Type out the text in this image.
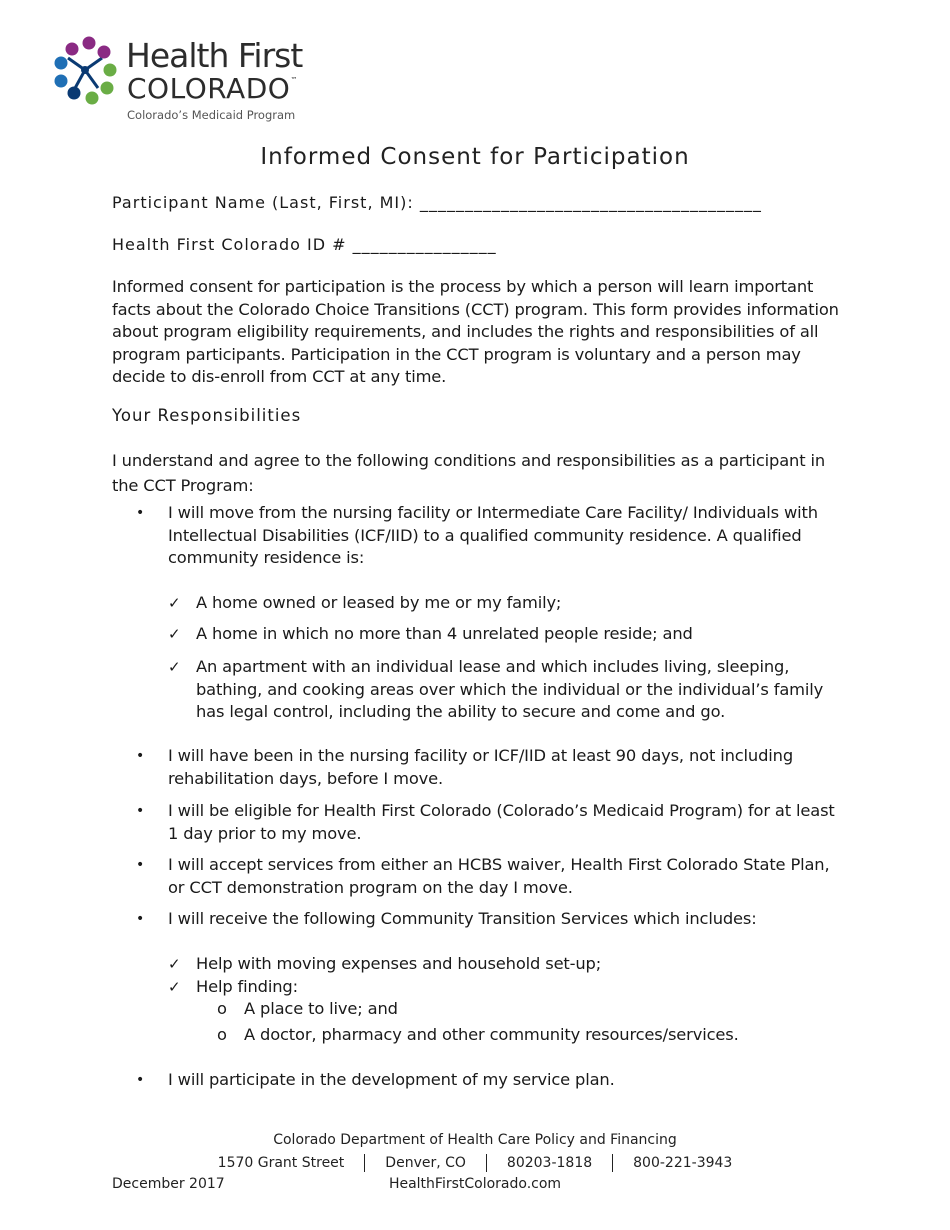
Health First
COLORADO™
Colorado’s Medicaid Program
Informed Consent for Participation
Participant Name (Last, First, MI): ______________________________________
Health First Colorado ID # ________________
Informed consent for participation is the process by which a person will learn important facts about the Colorado Choice Transitions (CCT) program. This form provides information about program eligibility requirements, and includes the rights and responsibilities of all program participants. Participation in the CCT program is voluntary and a person may decide to dis-enroll from CCT at any time.
Your Responsibilities
I understand and agree to the following conditions and responsibilities as a participant in the CCT Program:
• I will move from the nursing facility or Intermediate Care Facility/ Individuals with Intellectual Disabilities (ICF/IID) to a qualified community residence. A qualified community residence is:
✓ A home owned or leased by me or my family;
✓ A home in which no more than 4 unrelated people reside; and
✓ An apartment with an individual lease and which includes living, sleeping, bathing, and cooking areas over which the individual or the individual’s family has legal control, including the ability to secure and come and go.
• I will have been in the nursing facility or ICF/IID at least 90 days, not including rehabilitation days, before I move.
• I will be eligible for Health First Colorado (Colorado’s Medicaid Program) for at least 1 day prior to my move.
• I will accept services from either an HCBS waiver, Health First Colorado State Plan, or CCT demonstration program on the day I move.
• I will receive the following Community Transition Services which includes:
✓ Help with moving expenses and household set-up;
✓ Help finding:
o A place to live; and
o A doctor, pharmacy and other community resources/services.
• I will participate in the development of my service plan.
Colorado Department of Health Care Policy and Financing
1570 Grant Street	Denver, CO	80203-1818	800-221-3943
HealthFirstColorado.com
December 2017
